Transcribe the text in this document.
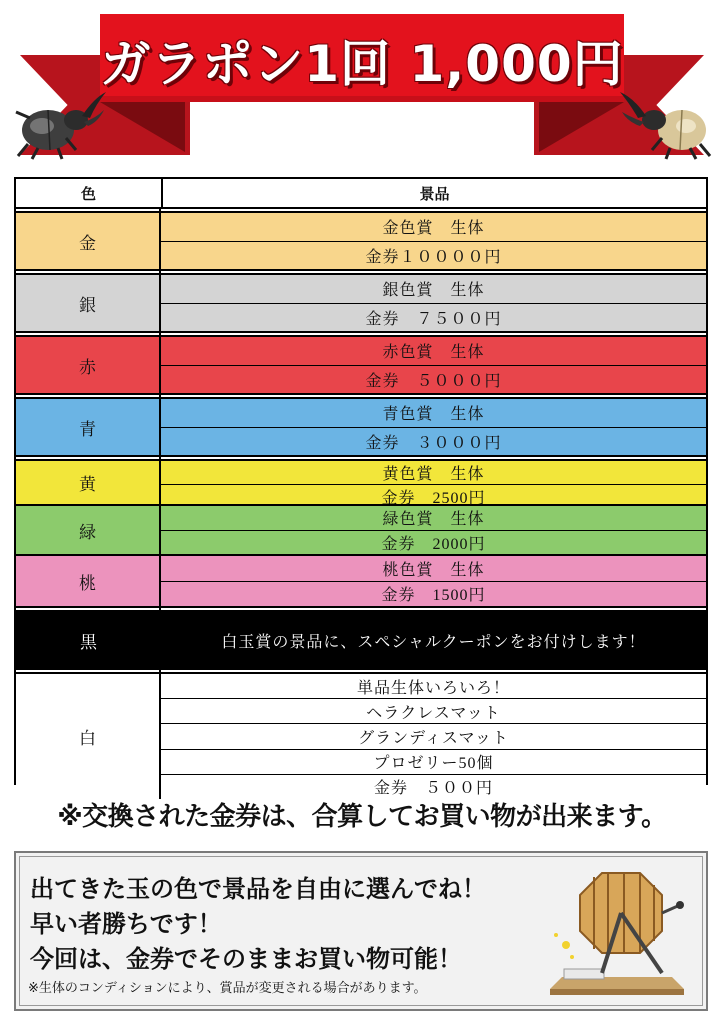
ガラポン1回 1,000円
色	景品
金
金色賞　生体
金券１００００円
銀
銀色賞　生体
金券　７５００円
赤
赤色賞　生体
金券　５０００円
青
青色賞　生体
金券　３０００円
黄
黄色賞　生体
金券　2500円
緑
緑色賞　生体
金券　2000円
桃
桃色賞　生体
金券　1500円
黒	白玉賞の景品に、スペシャルクーポンをお付けします！
白
単品生体いろいろ！
ヘラクレスマット
グランディスマット
プロゼリー50個
金券　５００円
※交換された金券は、合算してお買い物が出来ます。
出てきた玉の色で景品を自由に選んでね！
早い者勝ちです！
今回は、金券でそのままお買い物可能！
※生体のコンディションにより、賞品が変更される場合があります。
